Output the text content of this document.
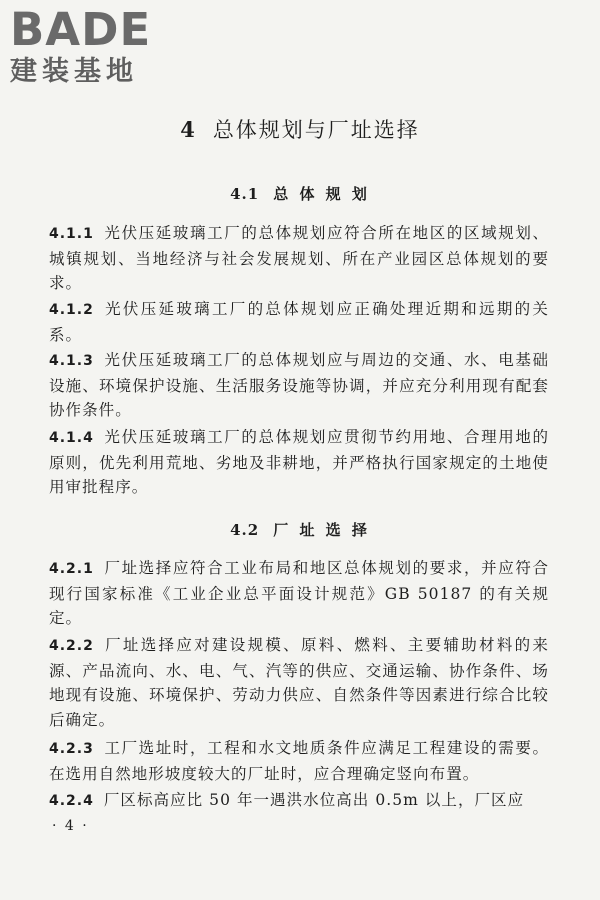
BADE
建装基地
4 总体规划与厂址选择
4.1 总 体 规 划
4.1.1 光伏压延玻璃工厂的总体规划应符合所在地区的区域规划、城镇规划、当地经济与社会发展规划、所在产业园区总体规划的要求。
4.1.2 光伏压延玻璃工厂的总体规划应正确处理近期和远期的关系。
4.1.3 光伏压延玻璃工厂的总体规划应与周边的交通、水、电基础设施、环境保护设施、生活服务设施等协调，并应充分利用现有配套协作条件。
4.1.4 光伏压延玻璃工厂的总体规划应贯彻节约用地、合理用地的原则，优先利用荒地、劣地及非耕地，并严格执行国家规定的土地使用审批程序。
4.2 厂 址 选 择
4.2.1 厂址选择应符合工业布局和地区总体规划的要求，并应符合现行国家标准《工业企业总平面设计规范》GB 50187 的有关规定。
4.2.2 厂址选择应对建设规模、原料、燃料、主要辅助材料的来源、产品流向、水、电、气、汽等的供应、交通运输、协作条件、场地现有设施、环境保护、劳动力供应、自然条件等因素进行综合比较后确定。
4.2.3 工厂选址时，工程和水文地质条件应满足工程建设的需要。在选用自然地形坡度较大的厂址时，应合理确定竖向布置。
4.2.4 厂区标高应比 50 年一遇洪水位高出 0.5m 以上，厂区应
· 4 ·
